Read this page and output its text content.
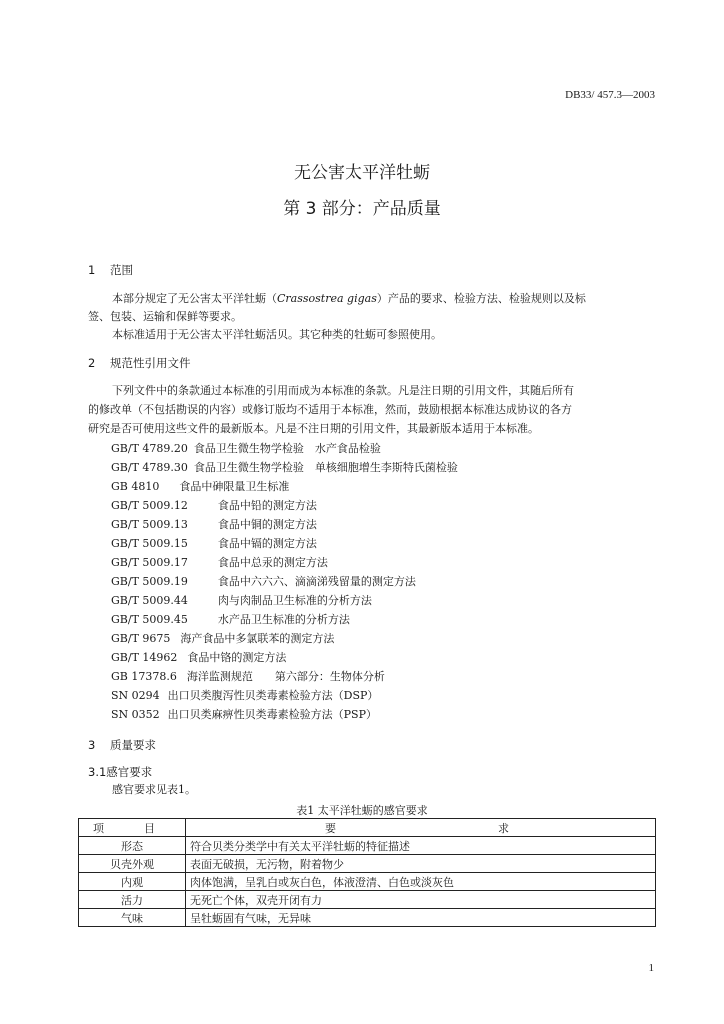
DB33/ 457.3—2003
无公害太平洋牡蛎
第 3 部分：产品质量
1 范围
本部分规定了无公害太平洋牡蛎（Crassostrea gigas）产品的要求、检验方法、检验规则以及标
签、包装、运输和保鲜等要求。
本标准适用于无公害太平洋牡蛎活贝。其它种类的牡蛎可参照使用。
2 规范性引用文件
下列文件中的条款通过本标准的引用而成为本标准的条款。凡是注日期的引用文件，其随后所有
的修改单（不包括勘误的内容）或修订版均不适用于本标准，然而，鼓励根据本标准达成协议的各方
研究是否可使用这些文件的最新版本。凡是不注日期的引用文件，其最新版本适用于本标准。
GB/T 4789.20 食品卫生微生物学检验　水产食品检验
GB/T 4789.30 食品卫生微生物学检验　单核细胞增生李斯特氏菌检验
GB 4810 食品中砷限量卫生标准
GB/T 5009.12	食品中铅的测定方法
GB/T 5009.13	食品中铜的测定方法
GB/T 5009.15	食品中镉的测定方法
GB/T 5009.17	食品中总汞的测定方法
GB/T 5009.19	食品中六六六、滴滴涕残留量的测定方法
GB/T 5009.44	肉与肉制品卫生标准的分析方法
GB/T 5009.45	水产品卫生标准的分析方法
GB/T 9675 海产食品中多氯联苯的测定方法
GB/T 14962 食品中铬的测定方法
GB 17378.6 海洋监测规范　　第六部分：生物体分析
SN 0294 出口贝类腹泻性贝类毒素检验方法（DSP）
SN 0352 出口贝类麻痹性贝类毒素检验方法（PSP）
3 质量要求
3.1感官要求
感官要求见表1。
表1 太平洋牡蛎的感官要求
项 目	要 求
形态	符合贝类分类学中有关太平洋牡蛎的特征描述
贝壳外观	表面无破损，无污物，附着物少
内观	肉体饱满，呈乳白或灰白色，体液澄清、白色或淡灰色
活力	无死亡个体，双壳开闭有力
气味	呈牡蛎固有气味，无异味
1
